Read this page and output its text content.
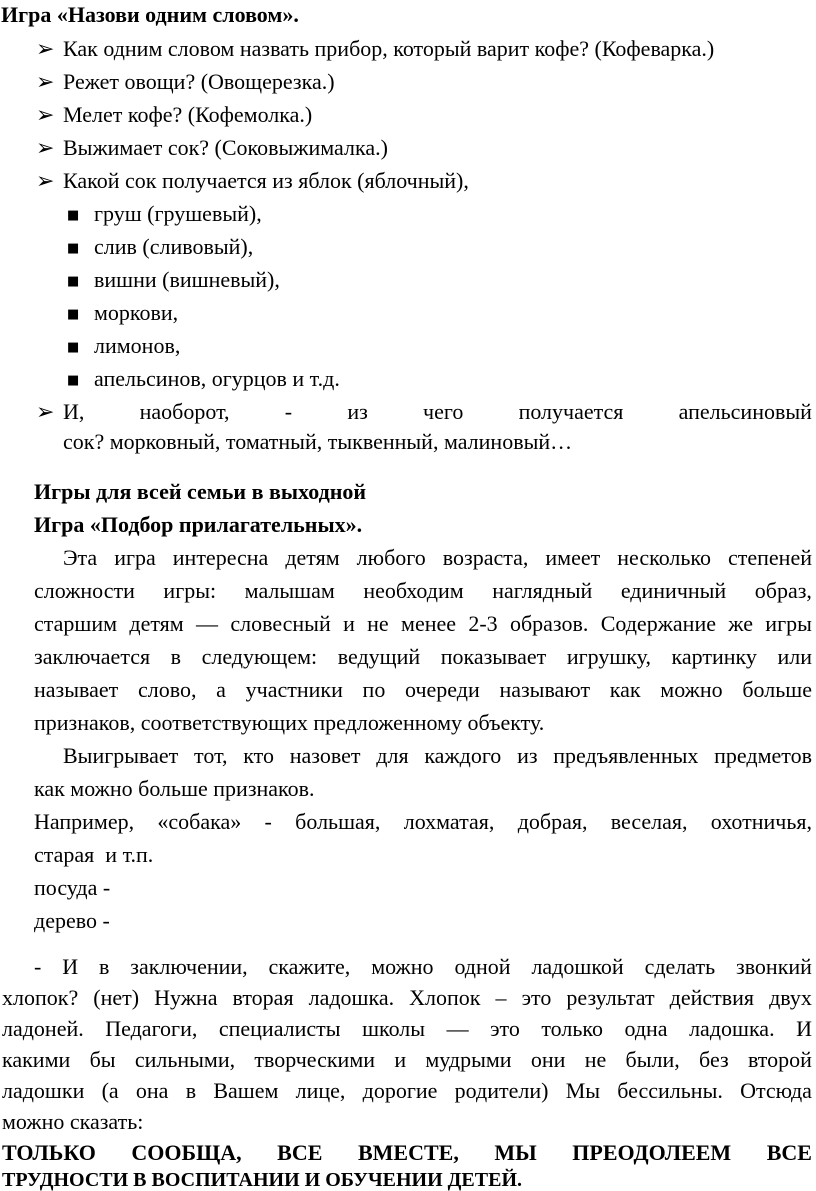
Игра «Назови одним словом».
➢ Как одним словом назвать прибор, который варит кофе? (Кофеварка.)
➢ Режет овощи? (Овощерезка.)
➢ Мелет кофе? (Кофемолка.)
➢ Выжимает сок? (Соковыжималка.)
➢ Какой сок получается из яблок (яблочный),
■ груш (грушевый),
■ слив (сливовый),
■ вишни (вишневый),
■ моркови,
■ лимонов,
■ апельсинов, огурцов и т.д.
➢ И,	наоборот,	-	из	чего	получается	апельсиновый
сок? морковный, томатный, тыквенный, малиновый…
Игры для всей семьи в выходной
Игра «Подбор прилагательных».
Эта игра интересна детям любого возраста, имеет несколько степеней
сложности игры: малышам необходим наглядный единичный образ,
старшим детям — словесный и не менее 2-3 образов. Содержание же игры
заключается в следующем: ведущий показывает игрушку, картинку или
называет слово, а участники по очереди называют как можно больше
признаков, соответствующих предложенному объекту.
Выигрывает тот, кто назовет для каждого из предъявленных предметов
как можно больше признаков.
Например, «собака» - большая, лохматая, добрая, веселая, охотничья,
старая  и т.п.
посуда -
дерево -
- И в заключении, скажите, можно одной ладошкой сделать звонкий
хлопок? (нет) Нужна вторая ладошка. Хлопок – это результат действия двух
ладоней. Педагоги, специалисты школы — это только одна ладошка. И
какими бы сильными, творческими и мудрыми они не были, без второй
ладошки (а она в Вашем лице, дорогие родители) Мы бессильны. Отсюда
можно сказать:
ТОЛЬКО СООБЩА, ВСЕ ВМЕСТЕ, МЫ ПРЕОДОЛЕЕМ ВСЕ
ТРУДНОСТИ В ВОСПИТАНИИ И ОБУЧЕНИИ ДЕТЕЙ.
